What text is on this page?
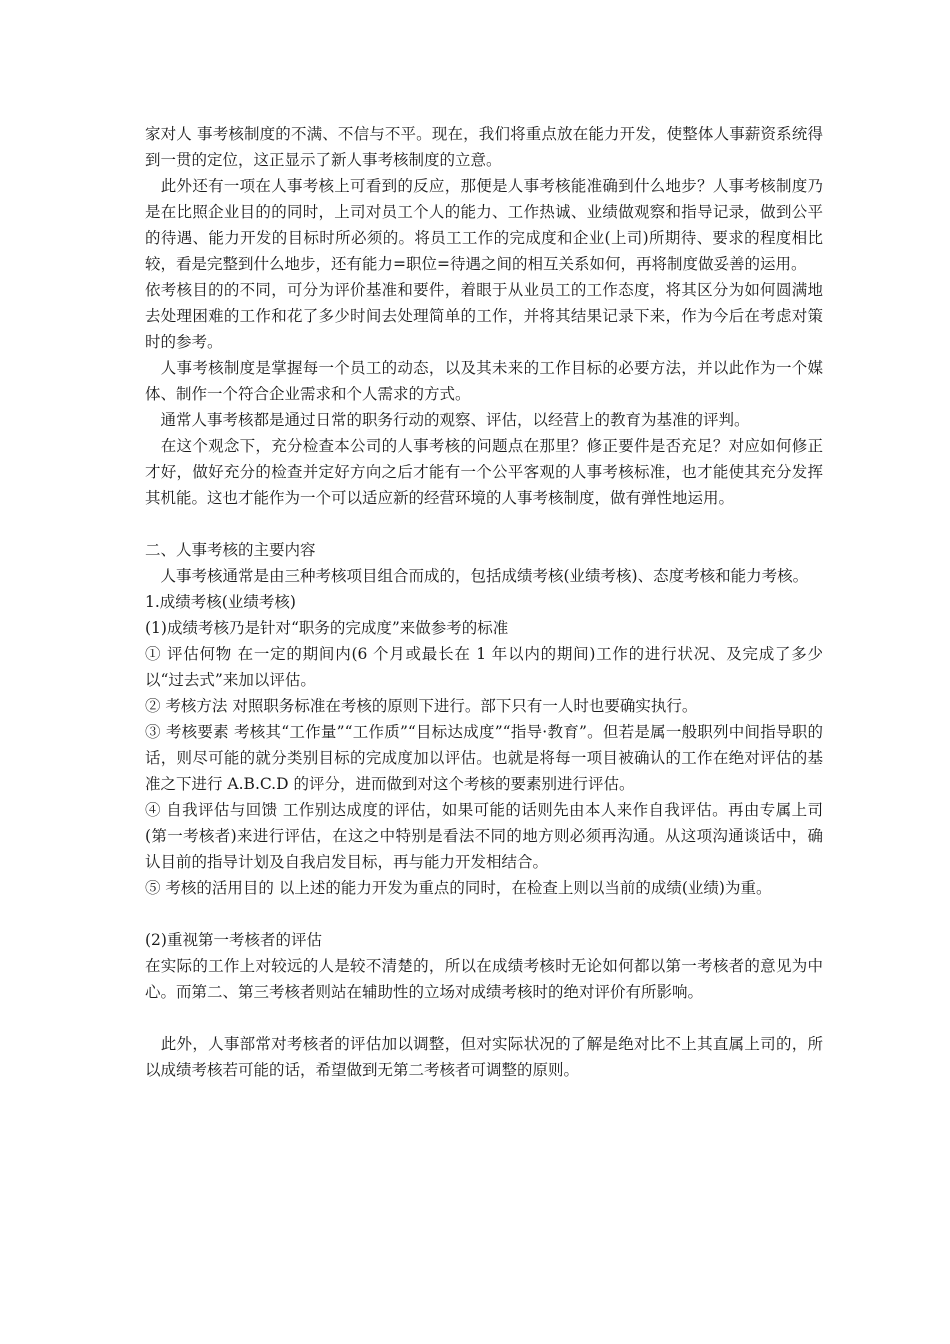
家对人 事考核制度的不满、不信与不平。现在，我们将重点放在能力开发，使整体人事薪资系统得到一贯的定位，这正显示了新人事考核制度的立意。

　此外还有一项在人事考核上可看到的反应，那便是人事考核能准确到什么地步？人事考核制度乃是在比照企业目的的同时，上司对员工个人的能力、工作热诚、业绩做观察和指导记录，做到公平的待遇、能力开发的目标时所必须的。将员工工作的完成度和企业(上司)所期待、要求的程度相比较，看是完整到什么地步，还有能力=职位=待遇之间的相互关系如何，再将制度做妥善的运用。

依考核目的的不同，可分为评价基准和要件，着眼于从业员工的工作态度，将其区分为如何圆满地去处理困难的工作和花了多少时间去处理简单的工作，并将其结果记录下来，作为今后在考虑对策时的参考。

　人事考核制度是掌握每一个员工的动态，以及其未来的工作目标的必要方法，并以此作为一个媒体、制作一个符合企业需求和个人需求的方式。

　通常人事考核都是通过日常的职务行动的观察、评估，以经营上的教育为基准的评判。

　在这个观念下，充分检查本公司的人事考核的问题点在那里？修正要件是否充足？对应如何修正才好，做好充分的检查并定好方向之后才能有一个公平客观的人事考核标准，也才能使其充分发挥其机能。这也才能作为一个可以适应新的经营环境的人事考核制度，做有弹性地运用。

二、人事考核的主要内容

　人事考核通常是由三种考核项目组合而成的，包括成绩考核(业绩考核)、态度考核和能力考核。

1.成绩考核(业绩考核)

(1)成绩考核乃是针对“职务的完成度”来做参考的标准

① 评估何物 在一定的期间内(6 个月或最长在 1 年以内的期间)工作的进行状况、及完成了多少以“过去式”来加以评估。

② 考核方法 对照职务标准在考核的原则下进行。部下只有一人时也要确实执行。

③ 考核要素 考核其“工作量”“工作质”“目标达成度”“指导·教育”。但若是属一般职列中间指导职的话，则尽可能的就分类别目标的完成度加以评估。也就是将每一项目被确认的工作在绝对评估的基准之下进行 A.B.C.D 的评分，进而做到对这个考核的要素别进行评估。

④ 自我评估与回馈 工作别达成度的评估，如果可能的话则先由本人来作自我评估。再由专属上司(第一考核者)来进行评估，在这之中特别是看法不同的地方则必须再沟通。从这项沟通谈话中，确认目前的指导计划及自我启发目标，再与能力开发相结合。

⑤ 考核的活用目的 以上述的能力开发为重点的同时，在检查上则以当前的成绩(业绩)为重。

(2)重视第一考核者的评估

在实际的工作上对较远的人是较不清楚的，所以在成绩考核时无论如何都以第一考核者的意见为中心。而第二、第三考核者则站在辅助性的立场对成绩考核时的绝对评价有所影响。

　此外，人事部常对考核者的评估加以调整，但对实际状况的了解是绝对比不上其直属上司的，所以成绩考核若可能的话，希望做到无第二考核者可调整的原则。
